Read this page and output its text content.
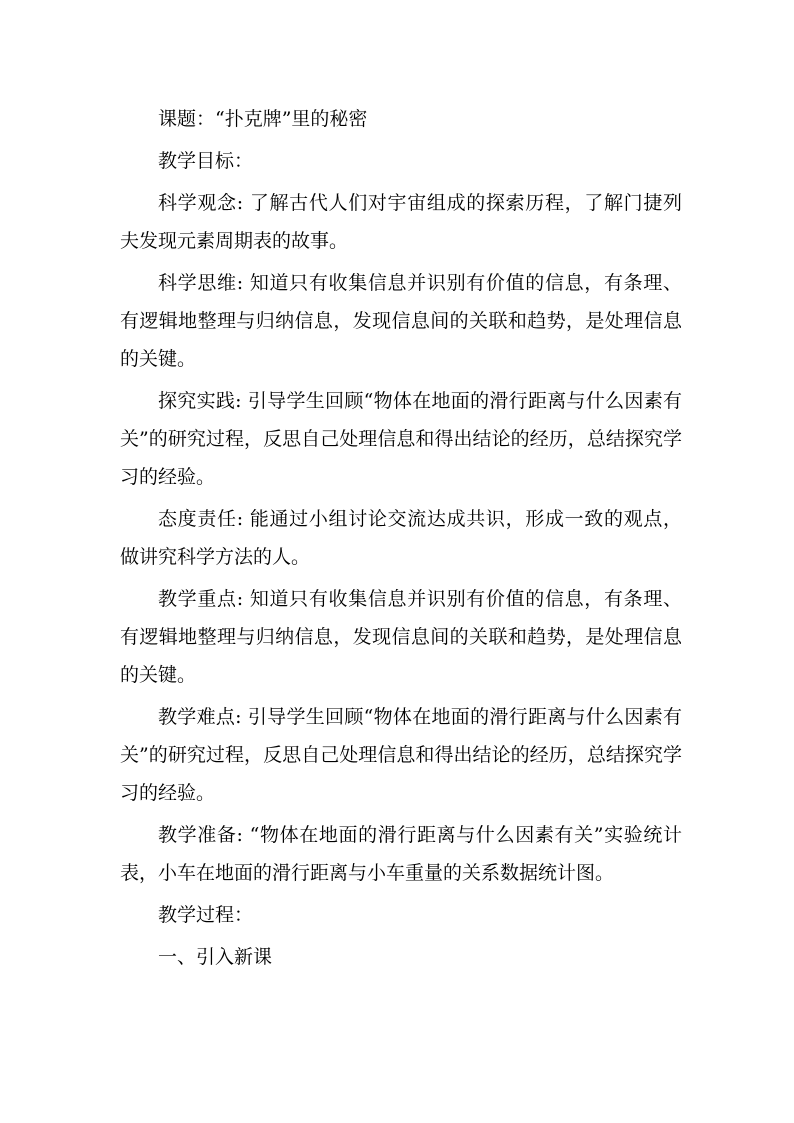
课题：“扑克牌”里的秘密

教学目标：

科学观念: 了解古代人们对宇宙组成的探索历程，了解门捷列夫发现元素周期表的故事。

科学思维: 知道只有收集信息并识别有价值的信息，有条理、有逻辑地整理与归纳信息，发现信息间的关联和趋势，是处理信息的关键。

探究实践: 引导学生回顾“物体在地面的滑行距离与什么因素有关”的研究过程，反思自己处理信息和得出结论的经历，总结探究学习的经验。

态度责任: 能通过小组讨论交流达成共识，形成一致的观点，做讲究科学方法的人。

教学重点: 知道只有收集信息并识别有价值的信息，有条理、有逻辑地整理与归纳信息，发现信息间的关联和趋势，是处理信息的关键。

教学难点: 引导学生回顾“物体在地面的滑行距离与什么因素有关”的研究过程，反思自己处理信息和得出结论的经历，总结探究学习的经验。

教学准备: “物体在地面的滑行距离与什么因素有关”实验统计表，小车在地面的滑行距离与小车重量的关系数据统计图。

教学过程：

一、引入新课
